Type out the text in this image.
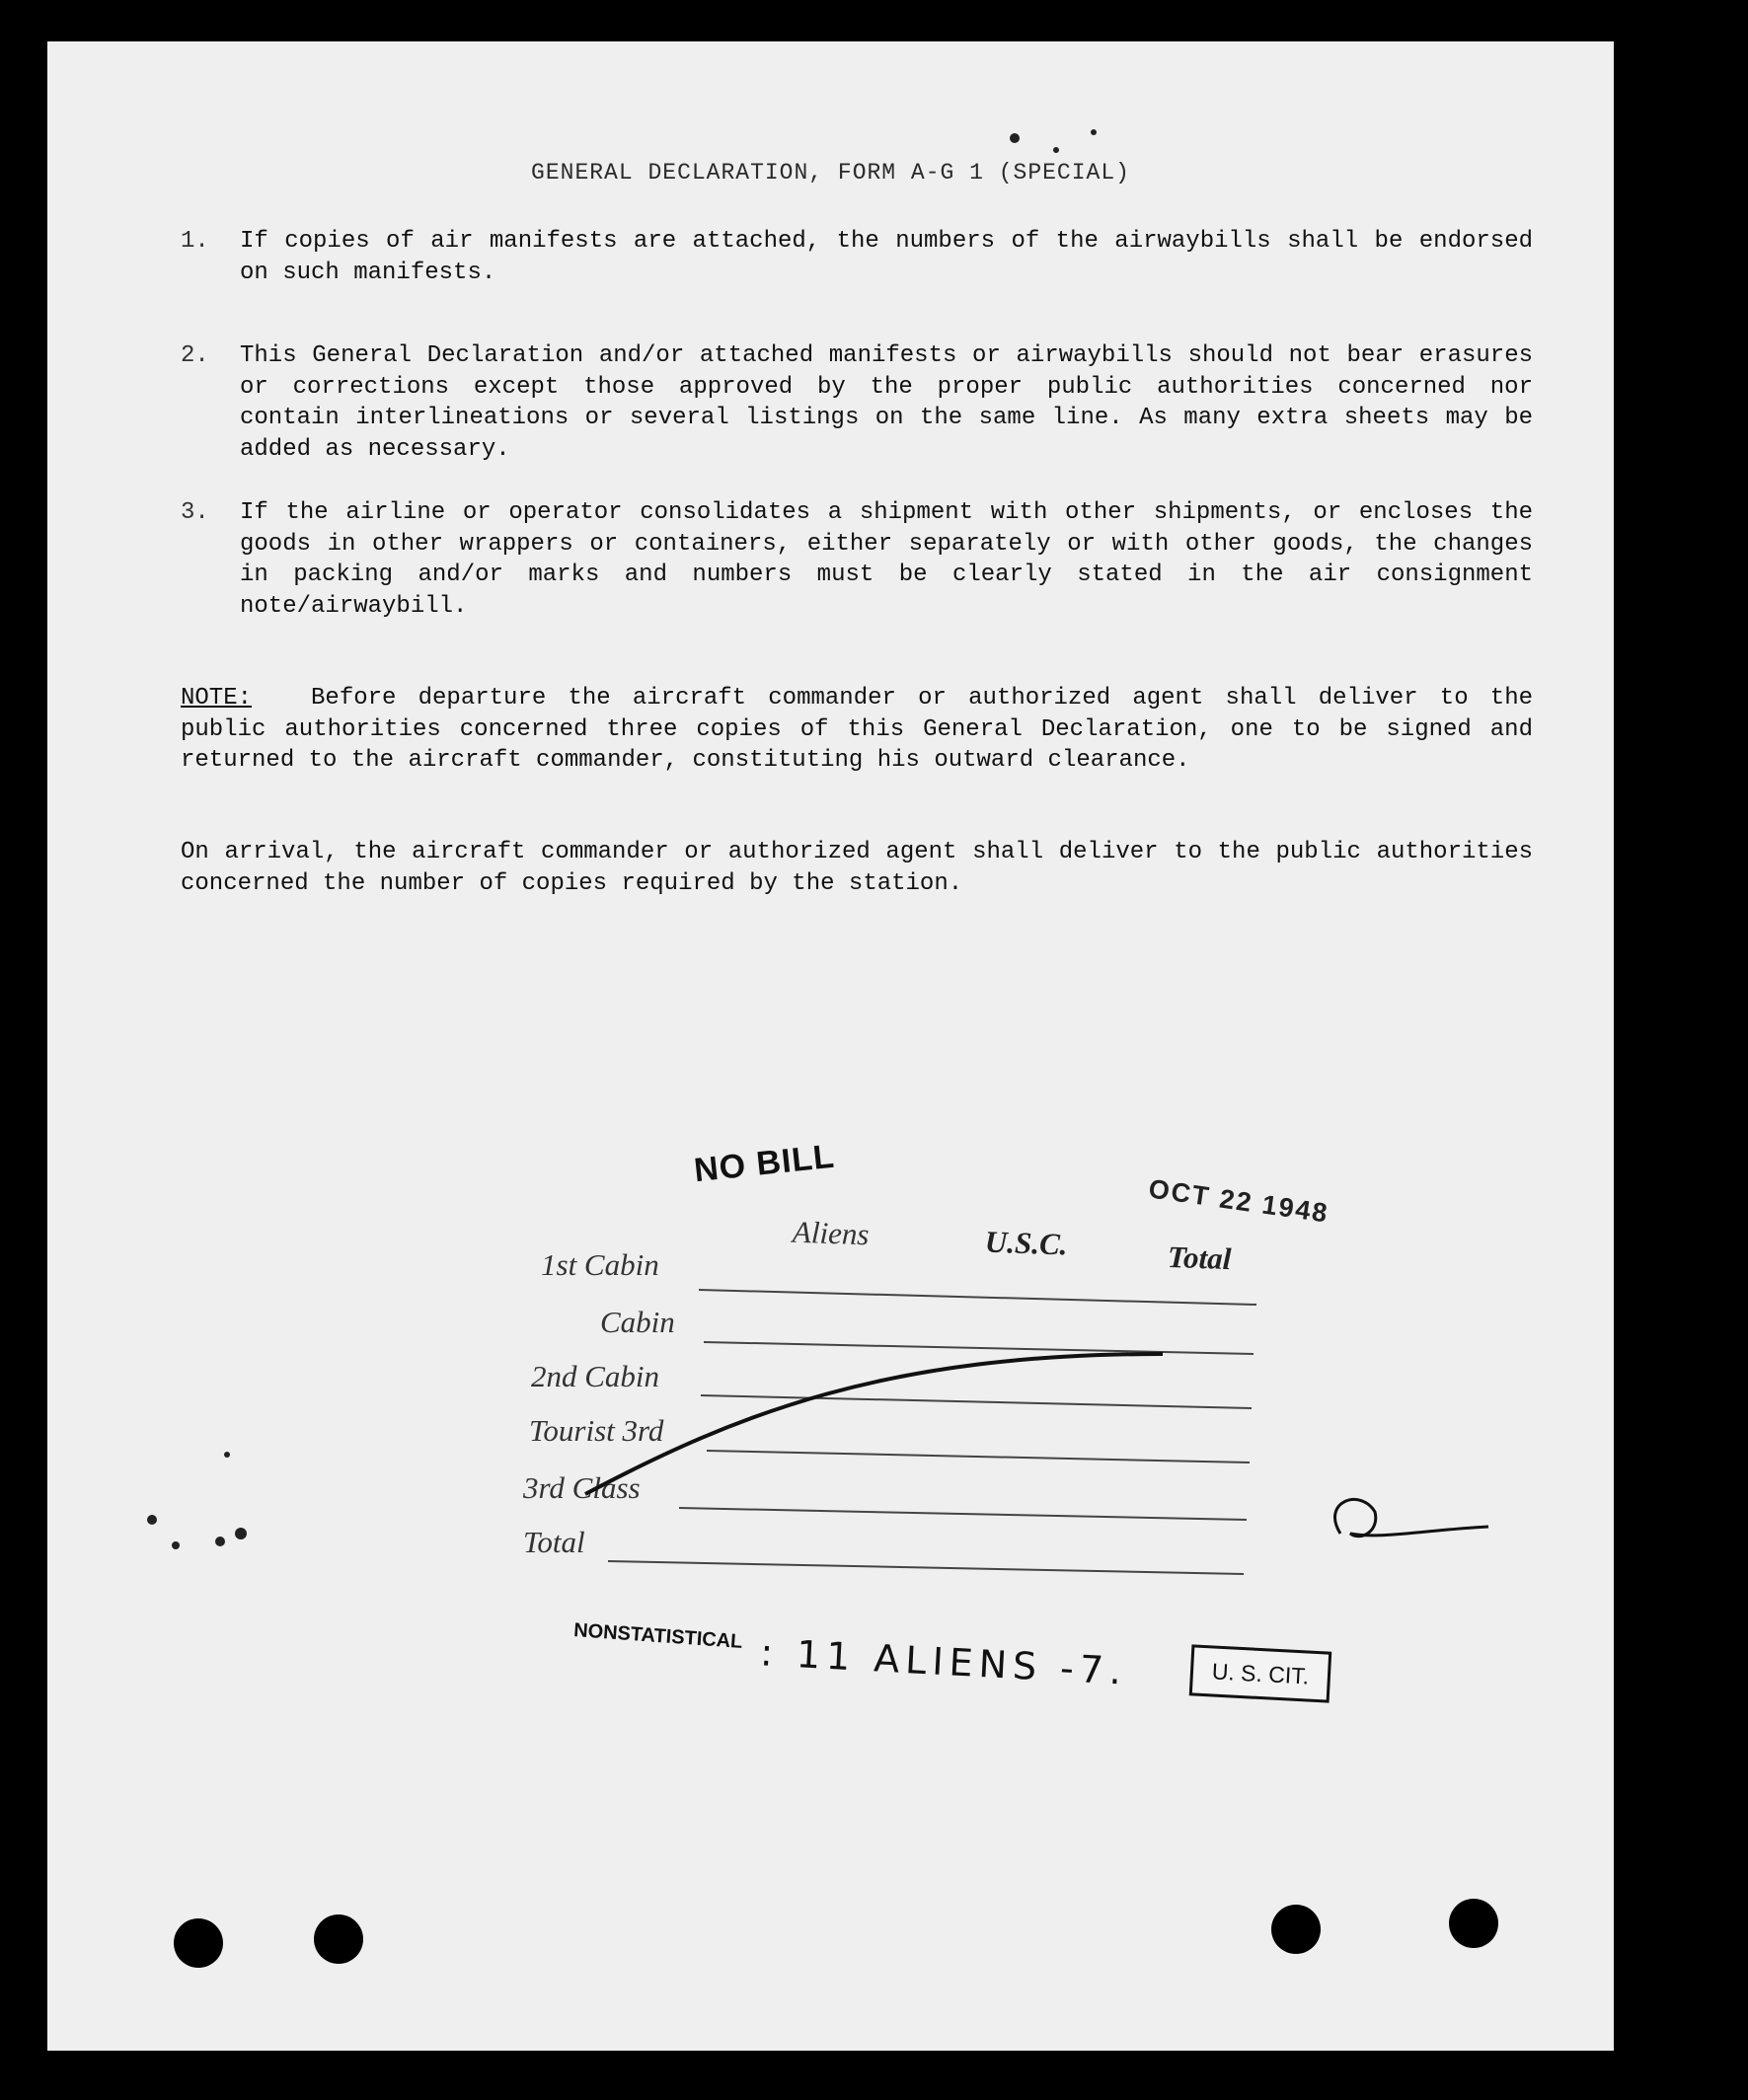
GENERAL DECLARATION, FORM A-G 1 (SPECIAL)
1.	If copies of air manifests are attached, the numbers of the airwaybills shall be endorsed on such manifests.
2.	This General Declaration and/or attached manifests or airwaybills should not bear erasures or corrections except those approved by the proper public authorities concerned nor contain interlineations or several listings on the same line. As many extra sheets may be added as necessary.
3.	If the airline or operator consolidates a shipment with other shipments, or encloses the goods in other wrappers or containers, either separately or with other goods, the changes in packing and/or marks and numbers must be clearly stated in the air consignment note/airwaybill.
NOTE:	Before departure the aircraft commander or authorized agent shall deliver to the public authorities concerned three copies of this General Declaration, one to be signed and returned to the aircraft commander, constituting his outward clearance.
On arrival, the aircraft commander or authorized agent shall deliver to the public authorities concerned the number of copies required by the station.
NO BILL
OCT 22 1948
Aliens	U.S.C.	Total
1st Cabin
Cabin
2nd Cabin
Tourist 3rd
3rd Class
Total
NONSTATISTICAL : 11 ALIENS -7.	U. S. CIT.
